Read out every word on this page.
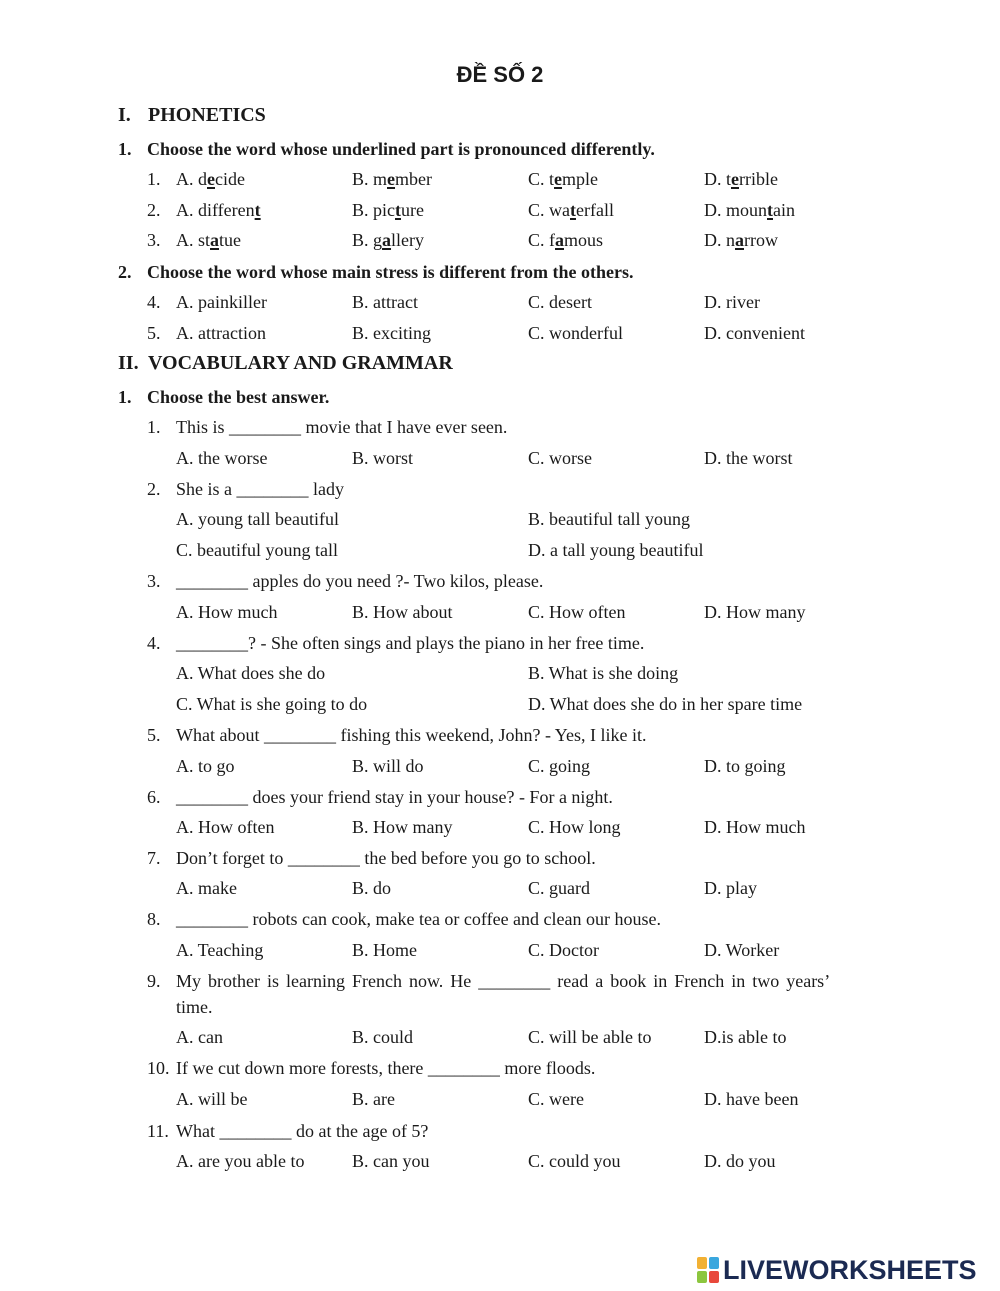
ĐỀ SỐ 2
I. PHONETICS
1. Choose the word whose underlined part is pronounced differently.
1. A. decide	B. member	C. temple	D. terrible
2. A. different	B. picture	C. waterfall	D. mountain
3. A. statue	B. gallery	C. famous	D. narrow
2. Choose the word whose main stress is different from the others.
4. A. painkiller	B. attract	C. desert	D. river
5. A. attraction	B. exciting	C. wonderful	D. convenient
II. VOCABULARY AND GRAMMAR
1. Choose the best answer.
1. This is ________ movie that I have ever seen.
A. the worse	B. worst	C. worse	D. the worst
2. She is a ________ lady
A. young tall beautiful	B. beautiful tall young
C. beautiful young tall	D. a tall young beautiful
3. ________ apples do you need ?- Two kilos, please.
A. How much	B. How about	C. How often	D. How many
4. ________? - She often sings and plays the piano in her free time.
A. What does she do	B. What is she doing
C. What is she going to do	D. What does she do in her spare time
5. What about ________ fishing this weekend, John? - Yes, I like it.
A. to go	B. will do	C. going	D. to going
6. ________ does your friend stay in your house? - For a night.
A. How often	B. How many	C. How long	D. How much
7. Don’t forget to ________ the bed before you go to school.
A. make	B. do	C. guard	D. play
8. ________ robots can cook, make tea or coffee and clean our house.
A. Teaching	B. Home	C. Doctor	D. Worker
9. My brother is learning French now. He ________ read a book in French in two years’
time.
A. can	B. could	C. will be able to	D.is able to
10. If we cut down more forests, there ________ more floods.
A. will be	B. are	C. were	D. have been
11. What ________ do at the age of 5?
A. are you able to	B. can you	C. could you	D. do you
LIVEWORKSHEETS
